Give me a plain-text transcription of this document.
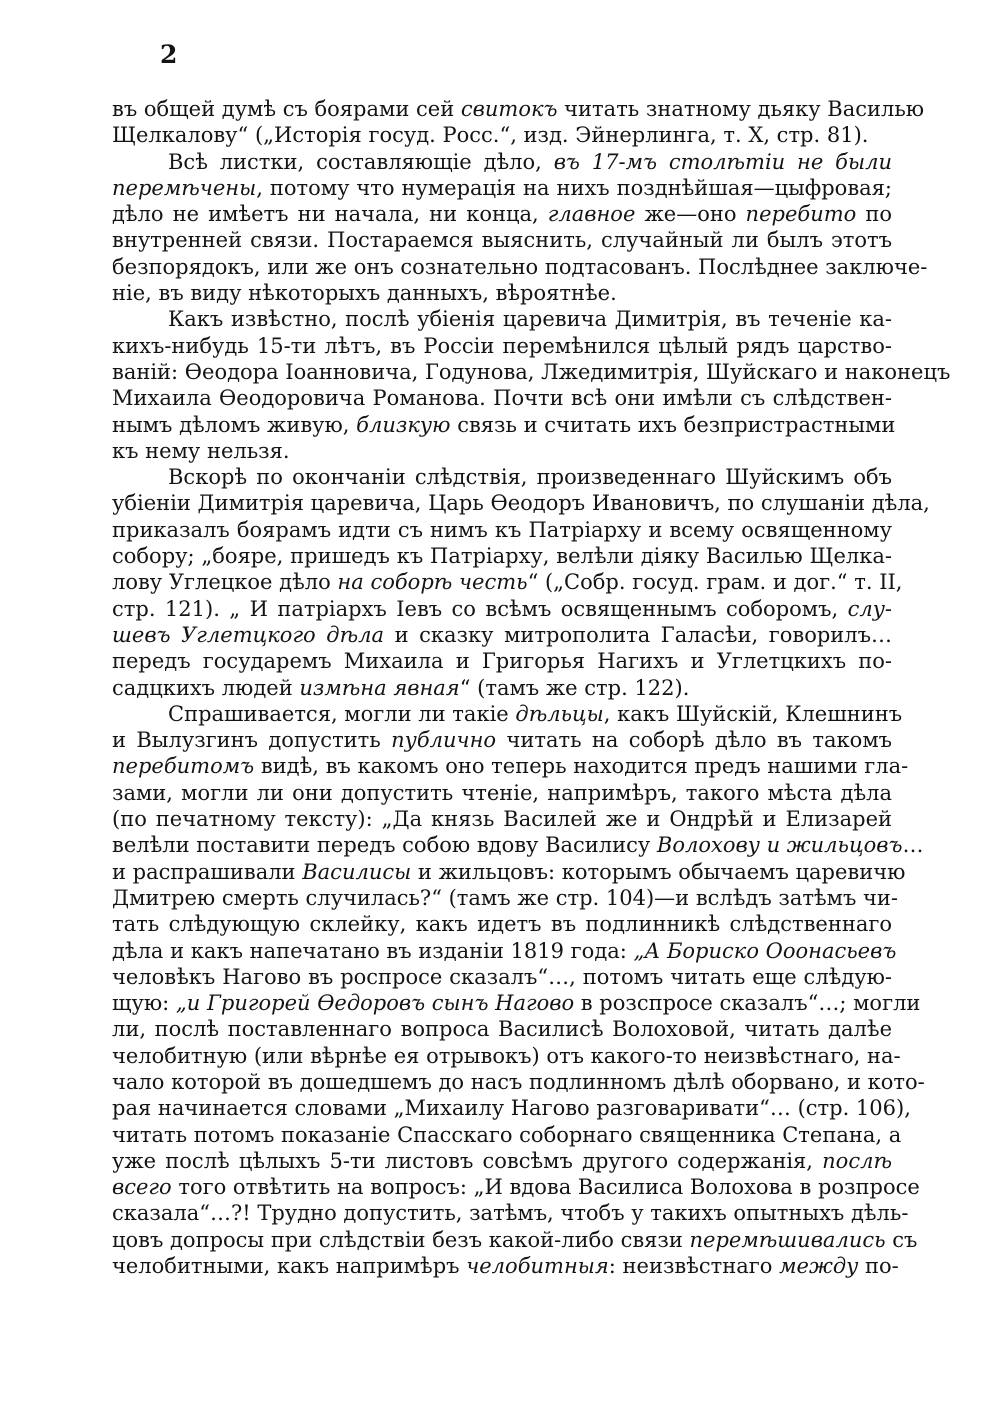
2
въ общей думѣ съ боярами сей свитокъ читать знатному дьяку Василью
Щелкалову“ („Исторія госуд. Росс.“, изд. Эйнерлинга, т. X, стр. 81).
Всѣ листки, составляющіе дѣло, въ 17-мъ столѣтіи не были
перемѣчены, потому что нумерація на нихъ позднѣйшая—цыфровая;
дѣло не имѣетъ ни начала, ни конца, главное же—оно перебито по
внутренней связи. Постараемся выяснить, случайный ли былъ этотъ
безпорядокъ, или же онъ сознательно подтасованъ. Послѣднее заключе-
ніе, въ виду нѣкоторыхъ данныхъ, вѣроятнѣе.
Какъ извѣстно, послѣ убіенія царевича Димитрія, въ теченіе ка-
кихъ-нибудь 15-ти лѣтъ, въ Россіи перемѣнился цѣлый рядъ царство-
ваній: Ѳеодора Іоанновича, Годунова, Лжедимитрія, Шуйскаго и наконецъ
Михаила Ѳеодоровича Романова. Почти всѣ они имѣли съ слѣдствен-
нымъ дѣломъ живую, близкую связь и считать ихъ безпристрастными
къ нему нельзя.
Вскорѣ по окончаніи слѣдствія, произведеннаго Шуйскимъ объ
убіеніи Димитрія царевича, Царь Ѳеодоръ Ивановичъ, по слушаніи дѣла,
приказалъ боярамъ идти съ нимъ къ Патріарху и всему освященному
собору; „бояре, пришедъ къ Патріарху, велѣли діяку Василью Щелка-
лову Углецкое дѣло на соборѣ честь“ („Собр. госуд. грам. и дог.“ т. II,
стр. 121). „ И патріархъ Іевъ со всѣмъ освященнымъ соборомъ, слу-
шевъ Углетцкого дѣла и сказку митрополита Галасѣи, говорилъ…
передъ государемъ Михаила и Григорья Нагихъ и Углетцкихъ по-
садцкихъ людей измѣна явная“ (тамъ же стр. 122).
Спрашивается, могли ли такіе дѣльцы, какъ Шуйскій, Клешнинъ
и Вылузгинъ допустить публично читать на соборѣ дѣло въ такомъ
перебитомъ видѣ, въ какомъ оно теперь находится предъ нашими гла-
зами, могли ли они допустить чтеніе, напримѣръ, такого мѣста дѣла
(по печатному тексту): „Да князь Василей же и Ондрѣй и Елизарей
велѣли поставити передъ собою вдову Василису Волохову и жильцовъ…
и распрашивали Василисы и жильцовъ: которымъ обычаемъ царевичю
Дмитрею смерть случилась?“ (тамъ же стр. 104)—и вслѣдъ затѣмъ чи-
тать слѣдующую склейку, какъ идетъ въ подлинникѣ слѣдственнаго
дѣла и какъ напечатано въ изданіи 1819 года: „А Бориско Ооонасьевъ
человѣкъ Нагово въ роспросе сказалъ“…, потомъ читать еще слѣдую-
щую: „и Григорей Ѳедоровъ сынъ Нагово в розспросе сказалъ“…; могли
ли, послѣ поставленнаго вопроса Василисѣ Волоховой, читать далѣе
челобитную (или вѣрнѣе ея отрывокъ) отъ какого-то неизвѣстнаго, на-
чало которой въ дошедшемъ до насъ подлинномъ дѣлѣ оборвано, и кото-
рая начинается словами „Михаилу Нагово разговаривати“… (стр. 106),
читать потомъ показаніе Спасскаго соборнаго священника Степана, а
уже послѣ цѣлыхъ 5-ти листовъ совсѣмъ другого содержанія, послѣ
всего того отвѣтить на вопросъ: „И вдова Василиса Волохова в розпросе
сказала“…?! Трудно допустить, затѣмъ, чтобъ у такихъ опытныхъ дѣль-
цовъ допросы при слѣдствіи безъ какой-либо связи перемѣшивались съ
челобитными, какъ напримѣръ челобитныя: неизвѣстнаго между по-
